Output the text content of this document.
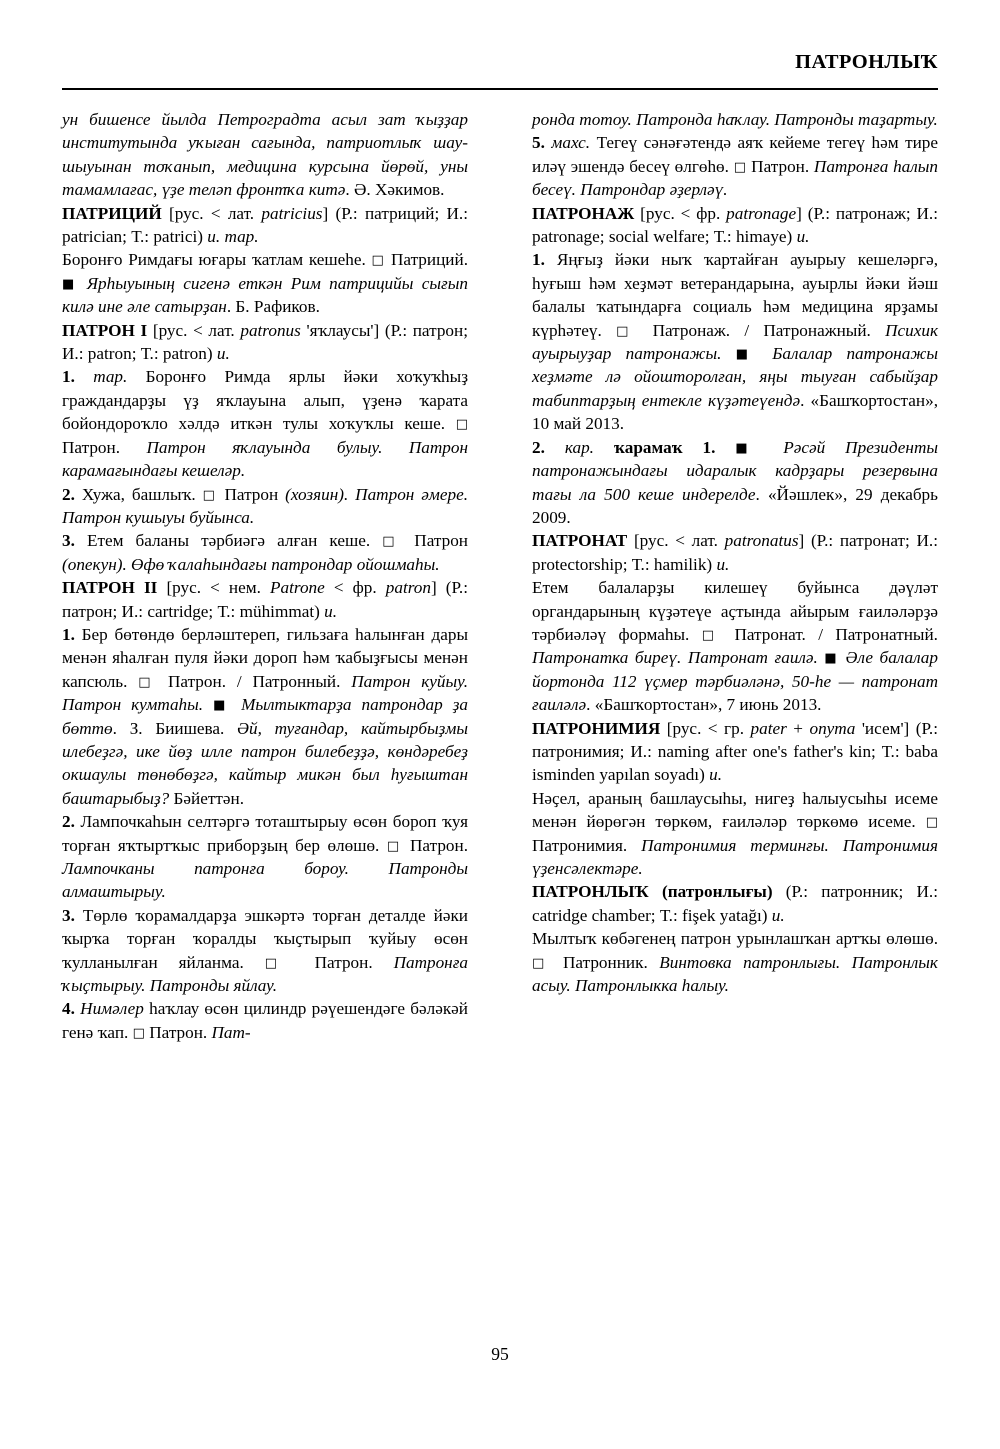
ПАТРОНЛЫҠ

ун бишенсе йылда Петроградта асыл зат ҡыҙҙар институтында уҡыған сағында, патриотлыҡ шау-шыуынан тоҡанып, медицина курсына йөрөй, уны тамамлағас, үҙе теләп фронтҡа китә. Ә. Хәкимов.

ПАТРИЦИЙ [рус. < лат. patricius] (Р.: патриций; И.: patrician; Т.: patrici) и. тар.

Боронғо Римдағы юғары ҡатлам кешеһе. □ Патриций. ■ Ярһыуының сигенә еткән Рим патрицийы сығып килә ине әле сатырҙан. Б. Рафиков.

ПАТРОН I [рус. < лат. patronus 'яҡлаусы'] (Р.: патрон; И.: patron; Т.: patron) и.

1. тар. Боронғо Римда ярлы йәки хоҡуҡһыҙ граждандарҙы үҙ яҡлауына алып, үҙенә ҡарата бойондороҡло хәлдә иткән тулы хоҡуҡлы кеше. □ Патрон. Патрон яҡлауында булыу. Патрон карамағындағы кешеләр.

2. Хужа, башлыҡ. □ Патрон (хозяин). Патрон әмере. Патрон кушыуы буйынса.

3. Етем баланы тәрбиәгә алған кеше. □ Патрон (опекун). Өфө ҡалаһындағы патрондар ойошмаһы.

ПАТРОН II [рус. < нем. Patrone < фр. patron] (Р.: патрон; И.: cartridge; Т.: mühimmat) и.

1. Бер бөтөндө берләштереп, гильзаға һалынған дары менән яһалған пуля йәки дороп һәм ҡабыҙғысы менән капсюль. □ Патрон. / Патронный. Патрон куйыу. Патрон кумтаһы. ■ Мылтыктарҙа патрондар ҙа бөттө. З. Биишева. Әй, туғандар, кайтырбыҙмы илебеҙгә, ике йөҙ илле патрон билебеҙҙә, көндәребеҙ окшаулы төнөбөҙгә, кайтыр микән был һуғыштан баштарыбыҙ? Бәйеттән.

2. Лампочкаһын селтәргә тоташтырыу өсөн бороп ҡуя торған яҡтыртҡыс приборҙың бер өлөшө. □ Патрон. Лампочканы патронға бороу. Патронды алмаштырыу.

3. Төрлө ҡорамалдарҙа эшкәртә торған деталде йәки ҡырҡа торған ҡоралды ҡыҫтырып ҡуйыу өсөн ҡулланылған яйланма. □ Патрон. Патронға ҡыҫтырыу. Патронды яйлау.

4. Нимәлер һаҡлау өсөн цилиндр рәүешендәге бәләкәй генә ҡап. □ Патрон. Пат-

ронда тотоу. Патронда һаҡлау. Патронды таҙартыу.

5. махс. Тегеү сәнәғәтендә аяҡ кейеме тегеү һәм тире иләү эшендә бесеү өлгөһө. □ Патрон. Патронға һалып бесеү. Патрондар әҙерләү.

ПАТРОНАЖ [рус. < фр. patronage] (Р.: патронаж; И.: patronage; social welfare; Т.: himaye) и.

1. Яңғыҙ йәки ныҡ ҡартайған ауырыу кешеләргә, һуғыш һәм хеҙмәт ветерандарына, ауырлы йәки йәш балалы ҡатындарға социаль һәм медицина ярҙамы күрһәтеү. □ Патронаж. / Патронажный. Психик ауырыуҙар патронажы. ■ Балалар патронажы хеҙмәте лә ойошторолған, яңы тыуған сабыйҙар табиптарҙың ентекле күҙәтеүендә. «Башҡортостан», 10 май 2013.

2. кар. ҡарамаҡ 1. ■ Рәсәй Президенты патронажындағы идаралык кадрҙары резервына тағы ла 500 кеше индерелде. «Йәшлек», 29 декабрь 2009.

ПАТРОНАТ [рус. < лат. patronatus] (Р.: патронат; И.: protectorship; Т.: hamilik) и.

Етем балаларҙы килешеү буйынса дәүләт органдарының күҙәтеүе аҫтында айырым ғаиләләрҙә тәрбиәләү формаһы. □ Патронат. / Патронатный. Патронатка биреү. Патронат ғаилә. ■ Әле балалар йортонда 112 үҫмер тәрбиәләнә, 50-һе — патронат ғаиләлә. «Башҡортостан», 7 июнь 2013.

ПАТРОНИМИЯ [рус. < гр. pater + onyma 'исем'] (Р.: патронимия; И.: naming after one's father's kin; Т.: baba isminden yapılan soyadı) и.

Нәҫел, араның башлаусыһы, нигеҙ һалыусыһы исеме менән йөрөгән төркөм, ғаиләләр төркөмө исеме. □ Патронимия. Патронимия терминғы. Патронимия үҙенсәлектәре.

ПАТРОНЛЫҠ (патронлығы) (Р.: патронник; И.: catridge chamber; Т.: fişek yatağı) и.

Мылтыҡ көбәгенең патрон урынлашҡан артҡы өлөшө. □ Патронник. Винтовка патронлығы. Патронлык асыу. Патронлыкка һалыу.

95
